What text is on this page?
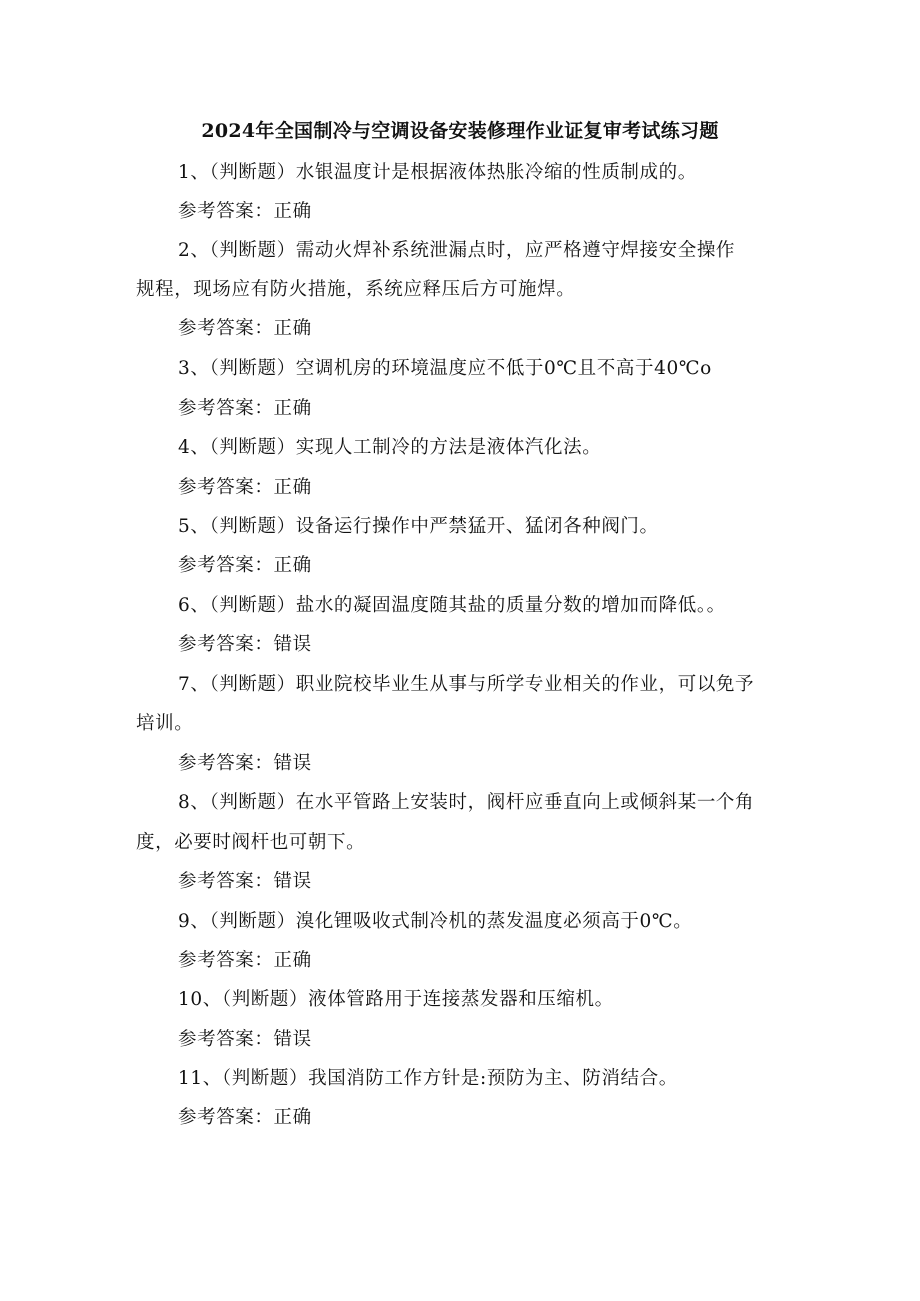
2024年全国制冷与空调设备安装修理作业证复审考试练习题
1、（判断题）水银温度计是根据液体热胀冷缩的性质制成的。
参考答案：正确
2、（判断题）需动火焊补系统泄漏点时，应严格遵守焊接安全操作
规程，现场应有防火措施，系统应释压后方可施焊。
参考答案：正确
3、（判断题）空调机房的环境温度应不低于0℃且不高于40℃o
参考答案：正确
4、（判断题）实现人工制冷的方法是液体汽化法。
参考答案：正确
5、（判断题）设备运行操作中严禁猛开、猛闭各种阀门。
参考答案：正确
6、（判断题）盐水的凝固温度随其盐的质量分数的增加而降低。。
参考答案：错误
7、（判断题）职业院校毕业生从事与所学专业相关的作业，可以免予
培训。
参考答案：错误
8、（判断题）在水平管路上安装时，阀杆应垂直向上或倾斜某一个角
度，必要时阀杆也可朝下。
参考答案：错误
9、（判断题）溴化锂吸收式制冷机的蒸发温度必须高于0℃。
参考答案：正确
10、（判断题）液体管路用于连接蒸发器和压缩机。
参考答案：错误
11、（判断题）我国消防工作方针是:预防为主、防消结合。
参考答案：正确
